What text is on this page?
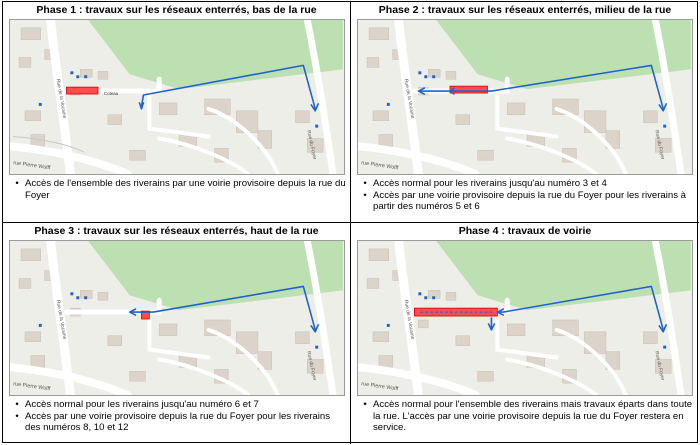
Phase 1 : travaux sur les réseaux enterrés, bas de la rue
Rue de la Vocaine
Rue du Foyer
rue Pierre Wolff
Coteau
• Accès de l'ensemble des riverains par une voirie provisoire depuis la rue du Foyer
Phase 2 : travaux sur les réseaux enterrés, milieu de la rue
Rue de la Vocaine
Rue du Foyer
rue Pierre Wolff
• Accès normal pour les riverains jusqu'au numéro 3 et 4
• Accès par une voirie provisoire depuis la rue du Foyer pour les riverains à partir des numéros 5 et 6
Phase 3 : travaux sur les réseaux enterrés, haut de la rue
Rue de la Vocaine
Rue du Foyer
rue Pierre Wolff
• Accès normal pour les riverains jusqu'au numéro 6 et 7
• Accès par une voirie provisoire depuis la rue du Foyer pour les riverains des numéros 8, 10 et 12
Phase 4 : travaux de voirie
Rue de la Vocaine
Rue du Foyer
rue Pierre Wolff
• Accès normal pour l'ensemble des riverains mais travaux éparts dans toute la rue. L'accès par une voirie provisoire depuis la rue du Foyer restera en service.
